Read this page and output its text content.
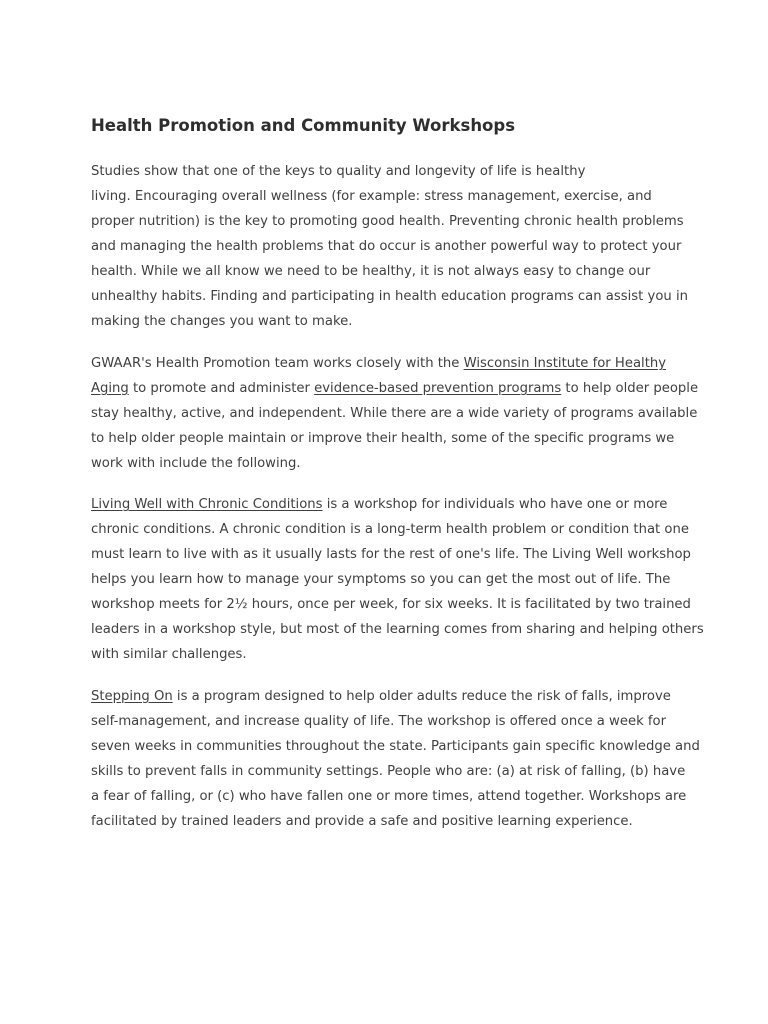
Health Promotion and Community Workshops

Studies show that one of the keys to quality and longevity of life is healthy
living. Encouraging overall wellness (for example: stress management, exercise, and
proper nutrition) is the key to promoting good health. Preventing chronic health problems
and managing the health problems that do occur is another powerful way to protect your
health. While we all know we need to be healthy, it is not always easy to change our
unhealthy habits. Finding and participating in health education programs can assist you in
making the changes you want to make.

GWAAR's Health Promotion team works closely with the Wisconsin Institute for Healthy
Aging to promote and administer evidence-based prevention programs to help older people
stay healthy, active, and independent. While there are a wide variety of programs available
to help older people maintain or improve their health, some of the specific programs we
work with include the following.

Living Well with Chronic Conditions is a workshop for individuals who have one or more
chronic conditions. A chronic condition is a long-term health problem or condition that one
must learn to live with as it usually lasts for the rest of one's life. The Living Well workshop
helps you learn how to manage your symptoms so you can get the most out of life. The
workshop meets for 2½ hours, once per week, for six weeks. It is facilitated by two trained
leaders in a workshop style, but most of the learning comes from sharing and helping others
with similar challenges.

Stepping On is a program designed to help older adults reduce the risk of falls, improve
self-management, and increase quality of life. The workshop is offered once a week for
seven weeks in communities throughout the state. Participants gain specific knowledge and
skills to prevent falls in community settings. People who are: (a) at risk of falling, (b) have
a fear of falling, or (c) who have fallen one or more times, attend together. Workshops are
facilitated by trained leaders and provide a safe and positive learning experience.
